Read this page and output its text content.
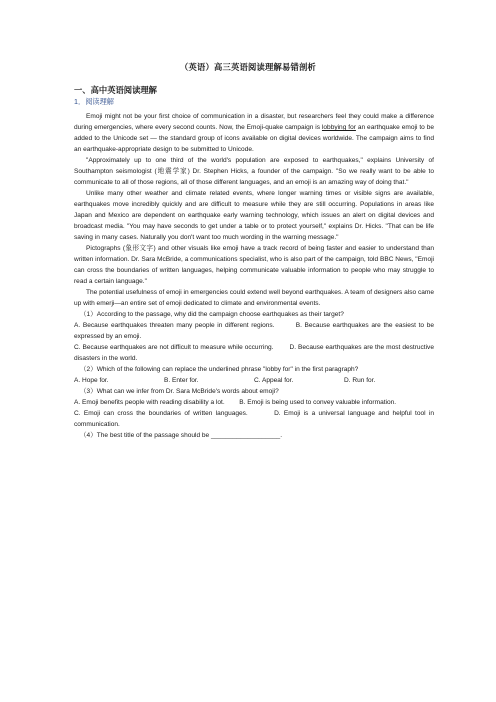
（英语）高三英语阅读理解易错剖析
一、高中英语阅读理解
1．阅读理解

Emoji might not be your first choice of communication in a disaster, but researchers feel they could make a difference during emergencies, where every second counts. Now, the Emoji-quake campaign is lobbying for an earthquake emoji to be added to the Unicode set — the standard group of icons available on digital devices worldwide. The campaign aims to find an earthquake-appropriate design to be submitted to Unicode.

"Approximately up to one third of the world's population are exposed to earthquakes," explains University of Southampton seismologist (地震学家) Dr. Stephen Hicks, a founder of the campaign. "So we really want to be able to communicate to all of those regions, all of those different languages, and an emoji is an amazing way of doing that."

Unlike many other weather and climate related events, where longer warning times or visible signs are available, earthquakes move incredibly quickly and are difficult to measure while they are still occurring. Populations in areas like Japan and Mexico are dependent on earthquake early warning technology, which issues an alert on digital devices and broadcast media. "You may have seconds to get under a table or to protect yourself," explains Dr. Hicks. "That can be life saving in many cases. Naturally you don't want too much wording in the warning message."

Pictographs (象形文字) and other visuals like emoji have a track record of being faster and easier to understand than written information. Dr. Sara McBride, a communications specialist, who is also part of the campaign, told BBC News, "Emoji can cross the boundaries of written languages, helping communicate valuable information to people who may struggle to read a certain language."

The potential usefulness of emoji in emergencies could extend well beyond earthquakes. A team of designers also came up with emerji—an entire set of emoji dedicated to climate and environmental events.

（1）According to the passage, why did the campaign choose earthquakes as their target?

A. Because earthquakes threaten many people in different regions.	B. Because earthquakes are the easiest to be expressed by an emoji.

C. Because earthquakes are not difficult to measure while occurring. D. Because earthquakes are the most destructive disasters in the world.

（2）Which of the following can replace the underlined phrase "lobby for" in the first paragraph?

A. Hope for.	B. Enter for.	C. Appeal for.	D. Run for.

（3）What can we infer from Dr. Sara McBride's words about emoji?

A. Emoji benefits people with reading disability a lot. B. Emoji is being used to convey valuable information.

C. Emoji can cross the boundaries of written languages.	D. Emoji is a universal language and helpful tool in communication.

（4）The best title of the passage should be ___________________.
